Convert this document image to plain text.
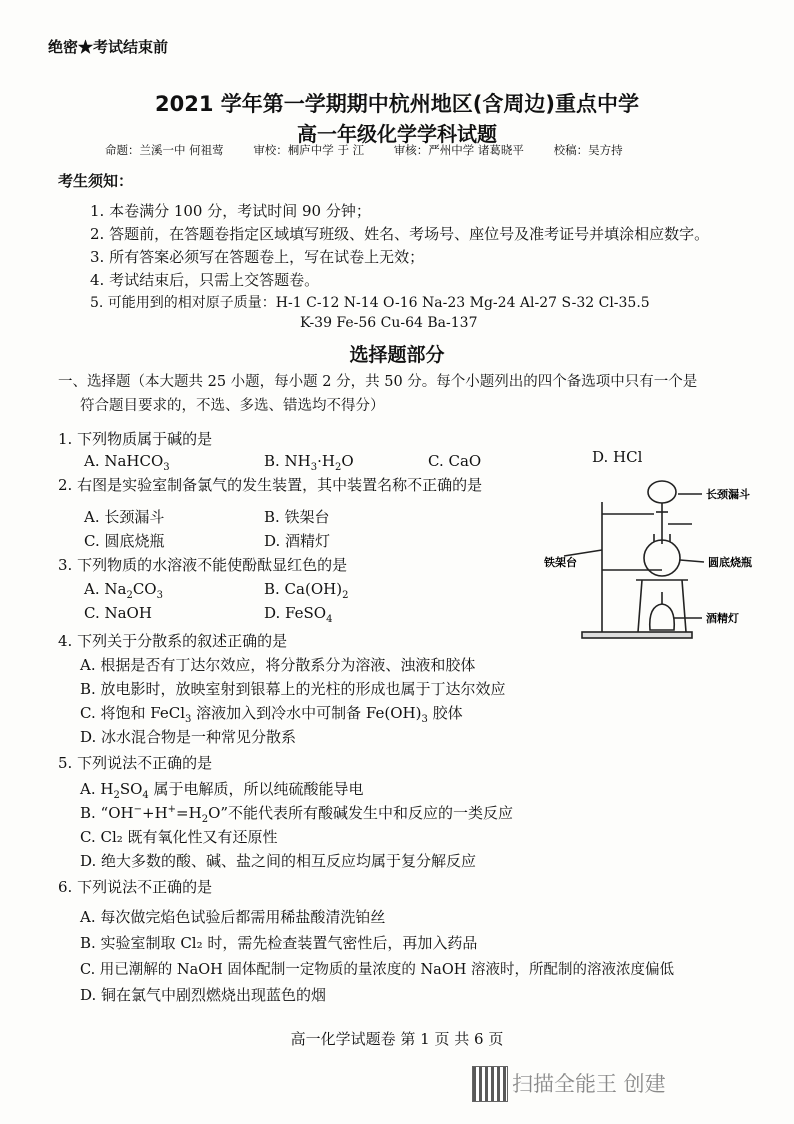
绝密★考试结束前
2021 学年第一学期期中杭州地区(含周边)重点中学
高一年级化学学科试题
命题：兰溪一中 何祖莺	审校：桐庐中学 于 江	审核：严州中学 诸葛晓平	校稿：吴方持
考生须知：
1. 本卷满分 100 分，考试时间 90 分钟；
2. 答题前，在答题卷指定区域填写班级、姓名、考场号、座位号及准考证号并填涂相应数字。
3. 所有答案必须写在答题卷上，写在试卷上无效；
4. 考试结束后，只需上交答题卷。
5. 可能用到的相对原子质量：H-1 C-12 N-14 O-16 Na-23 Mg-24 Al-27 S-32 Cl-35.5
K-39 Fe-56 Cu-64 Ba-137
选择题部分
一、选择题（本大题共 25 小题，每小题 2 分，共 50 分。每个小题列出的四个备选项中只有一个是
符合题目要求的，不选、多选、错选均不得分）
1. 下列物质属于碱的是
A. NaHCO$_3$	B. $NH_3\cdot H_2O$	C. CaO	D. HCl
2. 右图是实验室制备氯气的发生装置，其中装置名称不正确的是
A. 长颈漏斗	B. 铁架台
C. 圆底烧瓶	D. 酒精灯
长颈漏斗
铁架台	圆底烧瓶
酒精灯
3. 下列物质的水溶液不能使酚酞显红色的是
A. $Na_2CO_3$	B. $Ca(OH)_2$
C. NaOH	D. FeSO$_4$
4. 下列关于分散系的叙述正确的是
A. 根据是否有丁达尔效应，将分散系分为溶液、浊液和胶体
B. 放电影时，放映室射到银幕上的光柱的形成也属于丁达尔效应
C. 将饱和 FeCl$_3$ 溶液加入到冷水中可制备 $Fe(OH)_3$ 胶体
D. 冰水混合物是一种常见分散系
5. 下列说法不正确的是
A. $H_2SO_4$ 属于电解质，所以纯硫酸能导电
B. “$OH^-+H^+=H_2O$”不能代表所有酸碱发生中和反应的一类反应
C. Cl₂ 既有氧化性又有还原性
D. 绝大多数的酸、碱、盐之间的相互反应均属于复分解反应
6. 下列说法不正确的是
A. 每次做完焰色试验后都需用稀盐酸清洗铂丝
B. 实验室制取 Cl₂ 时，需先检查装置气密性后，再加入药品
C. 用已潮解的 NaOH 固体配制一定物质的量浓度的 NaOH 溶液时，所配制的溶液浓度偏低
D. 铜在氯气中剧烈燃烧出现蓝色的烟
高一化学试题卷 第 1 页 共 6 页
扫描全能王 创建
